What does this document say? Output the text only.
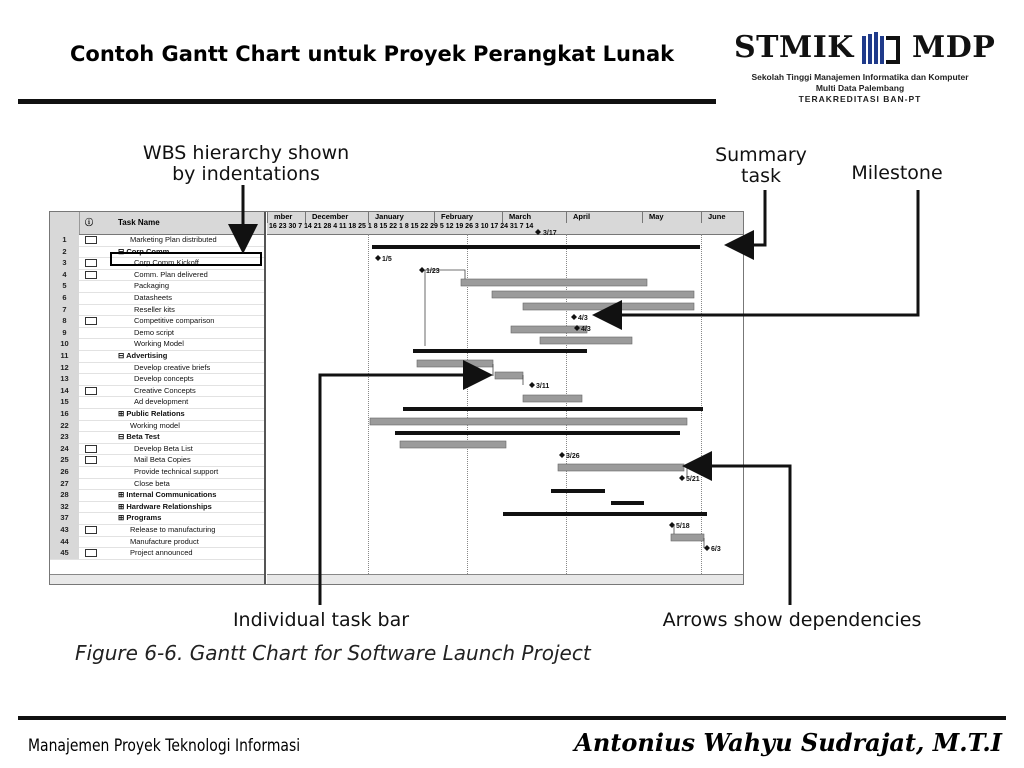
Contoh Gantt Chart untuk Proyek Perangkat Lunak STMIK MDP
Sekolah Tinggi Manajemen Informatika dan Komputer
Multi Data Palembang
TERAKREDITASI BAN-PT
WBS hierarchy shown
by indentations
Summary
task	Milestone
Individual task bar	Arrows show dependencies
ⓘ	Task Name
1	Marketing Plan distributed
2	⊟ Corp Comm
3	Corp Comm Kickoff
4	Comm. Plan delivered
5	Packaging
6	Datasheets
7	Reseller kits
8	Competitive comparison
9	Demo script
10	Working Model
11	⊟ Advertising
12	Develop creative briefs
13	Develop concepts
14	Creative Concepts
15	Ad development
16	⊞ Public Relations
22	Working model
23	⊟ Beta Test
24	Develop Beta List
25	Mail Beta Copies
26	Provide technical support
27	Close beta
28	⊞ Internal Communications
32	⊞ Hardware Relationships
37	⊞ Programs
43	Release to manufacturing
44	Manufacture product
45	Project announced
mber	December	January	February	March	April	May	June
16 23 30 7 14 21 28 4 11 18 25 1 8 15 22 1 8 15 22 29 5 12 19 26 3 10 17 24 31 7 14
3/17
1/5
1/23
4/3
4/3
3/11
3/26
5/21
5/18
6/3
Figure 6-6. Gantt Chart for Software Launch Project
Manajemen Proyek Teknologi Informasi	Antonius Wahyu Sudrajat, M.T.I
